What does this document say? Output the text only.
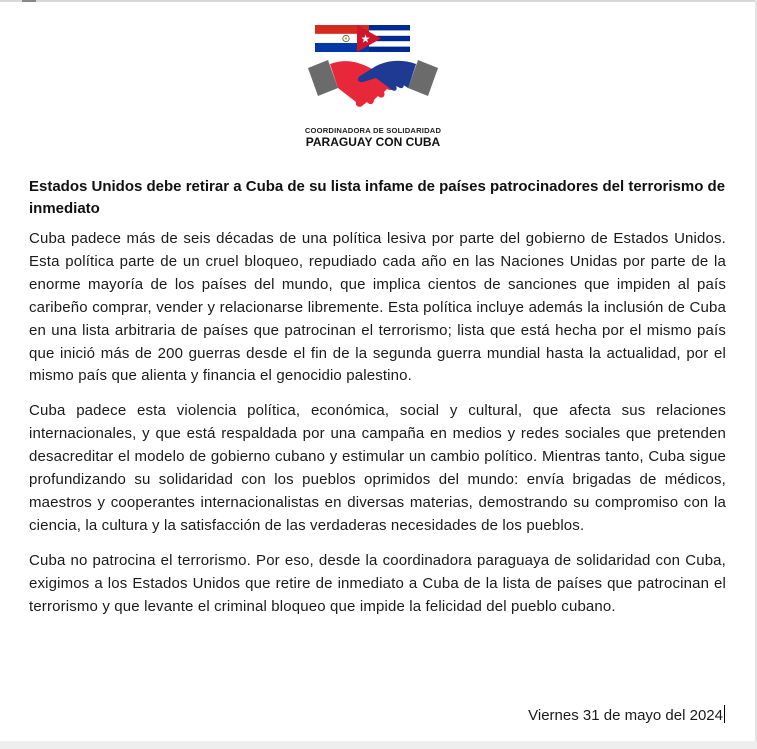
COORDINADORA DE SOLIDARIDAD
PARAGUAY CON CUBA
Estados Unidos debe retirar a Cuba de su lista infame de países patrocinadores del terrorismo de inmediato

Cuba padece más de seis décadas de una política lesiva por parte del gobierno de Estados Unidos. Esta política parte de un cruel bloqueo, repudiado cada año en las Naciones Unidas por parte de la enorme mayoría de los países del mundo, que implica cientos de sanciones que impiden al país caribeño comprar, vender y relacionarse libremente. Esta política incluye además la inclusión de Cuba en una lista arbitraria de países que patrocinan el terrorismo; lista que está hecha por el mismo país que inició más de 200 guerras desde el fin de la segunda guerra mundial hasta la actualidad, por el mismo país que alienta y financia el genocidio palestino.

Cuba padece esta violencia política, económica, social y cultural, que afecta sus relaciones internacionales, y que está respaldada por una campaña en medios y redes sociales que pretenden desacreditar el modelo de gobierno cubano y estimular un cambio político. Mientras tanto, Cuba sigue profundizando su solidaridad con los pueblos oprimidos del mundo: envía brigadas de médicos, maestros y cooperantes internacionalistas en diversas materias, demostrando su compromiso con la ciencia, la cultura y la satisfacción de las verdaderas necesidades de los pueblos.

Cuba no patrocina el terrorismo. Por eso, desde la coordinadora paraguaya de solidaridad con Cuba, exigimos a los Estados Unidos que retire de inmediato a Cuba de la lista de países que patrocinan el terrorismo y que levante el criminal bloqueo que impide la felicidad del pueblo cubano.

Viernes 31 de mayo del 2024
